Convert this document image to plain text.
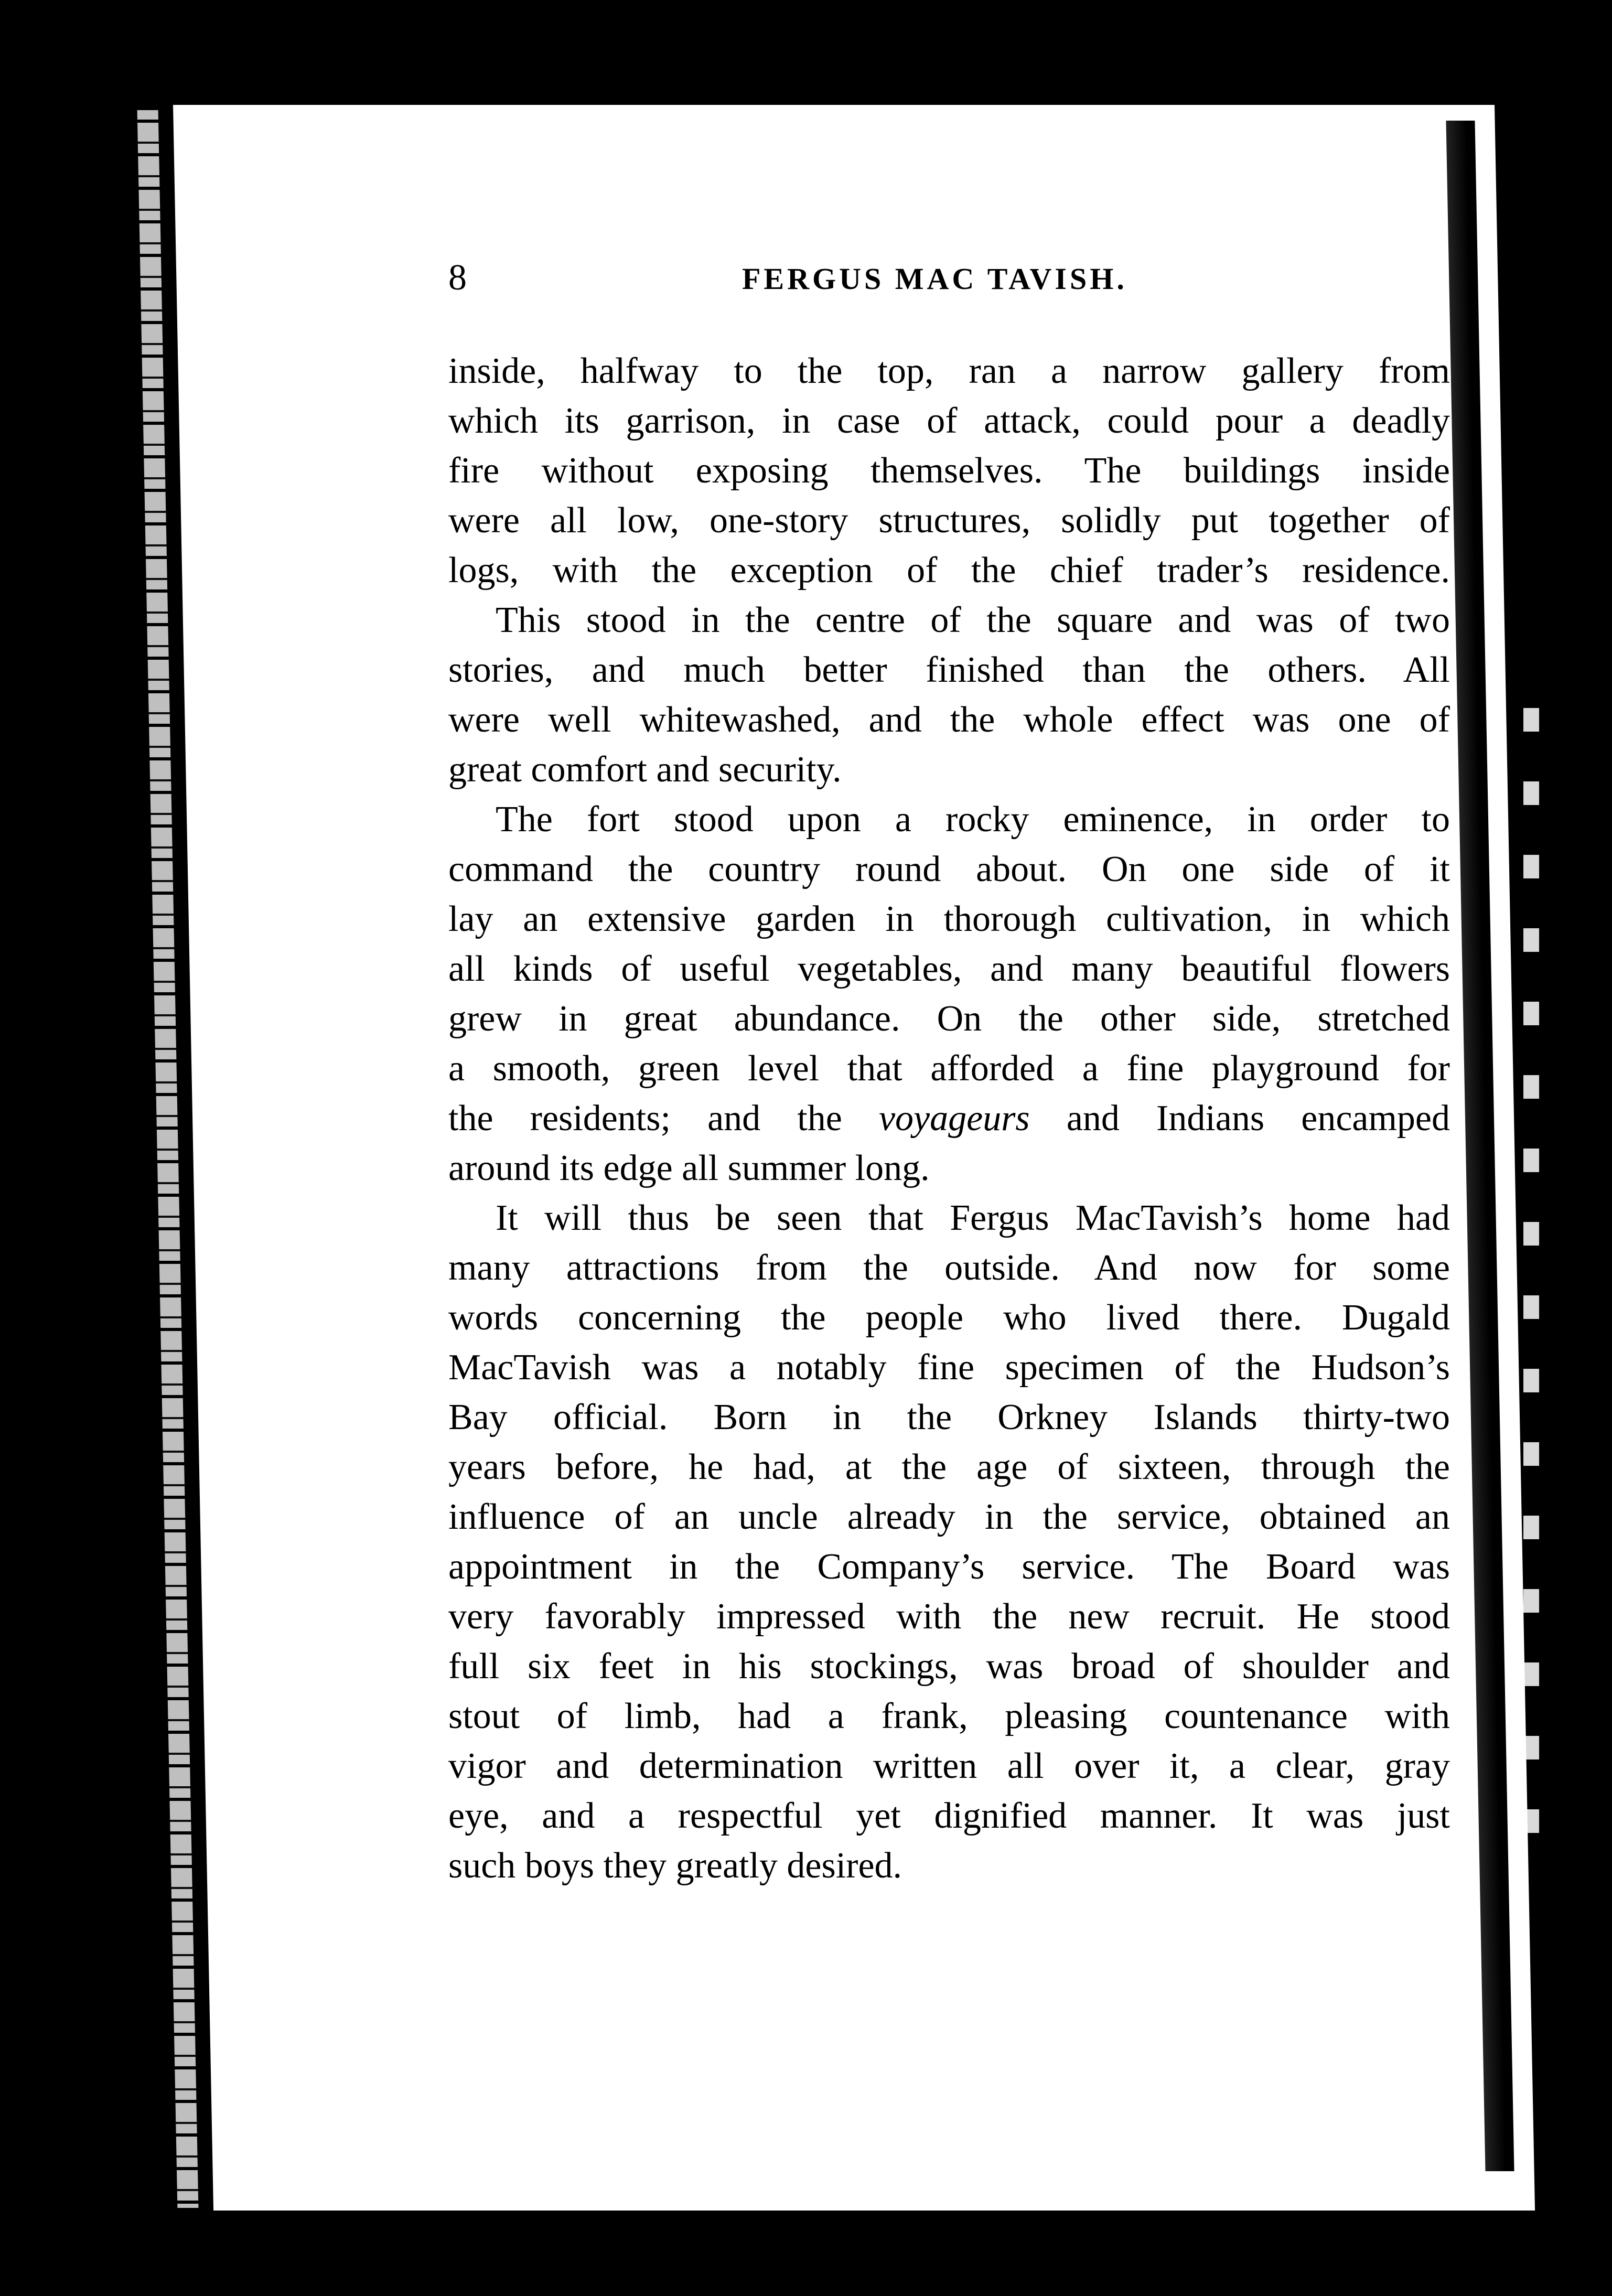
8	FERGUS MAC TAVISH.
inside, halfway to the top, ran a narrow gallery from
which its garrison, in case of attack, could pour a deadly
fire without exposing themselves. The buildings inside
were all low, one-story structures, solidly put together of
logs, with the exception of the chief trader’s residence.
This stood in the centre of the square and was of two
stories, and much better finished than the others. All
were well whitewashed, and the whole effect was one of
great comfort and security.
The fort stood upon a rocky eminence, in order to
command the country round about. On one side of it
lay an extensive garden in thorough cultivation, in which
all kinds of useful vegetables, and many beautiful flowers
grew in great abundance. On the other side, stretched
a smooth, green level that afforded a fine playground for
the residents; and the voyageurs and Indians encamped
around its edge all summer long.
It will thus be seen that Fergus MacTavish’s home had
many attractions from the outside. And now for some
words concerning the people who lived there. Dugald
MacTavish was a notably fine specimen of the Hudson’s
Bay official. Born in the Orkney Islands thirty-two
years before, he had, at the age of sixteen, through the
influence of an uncle already in the service, obtained an
appointment in the Company’s service. The Board was
very favorably impressed with the new recruit. He stood
full six feet in his stockings, was broad of shoulder and
stout of limb, had a frank, pleasing countenance with
vigor and determination written all over it, a clear, gray
eye, and a respectful yet dignified manner. It was just
such boys they greatly desired.
